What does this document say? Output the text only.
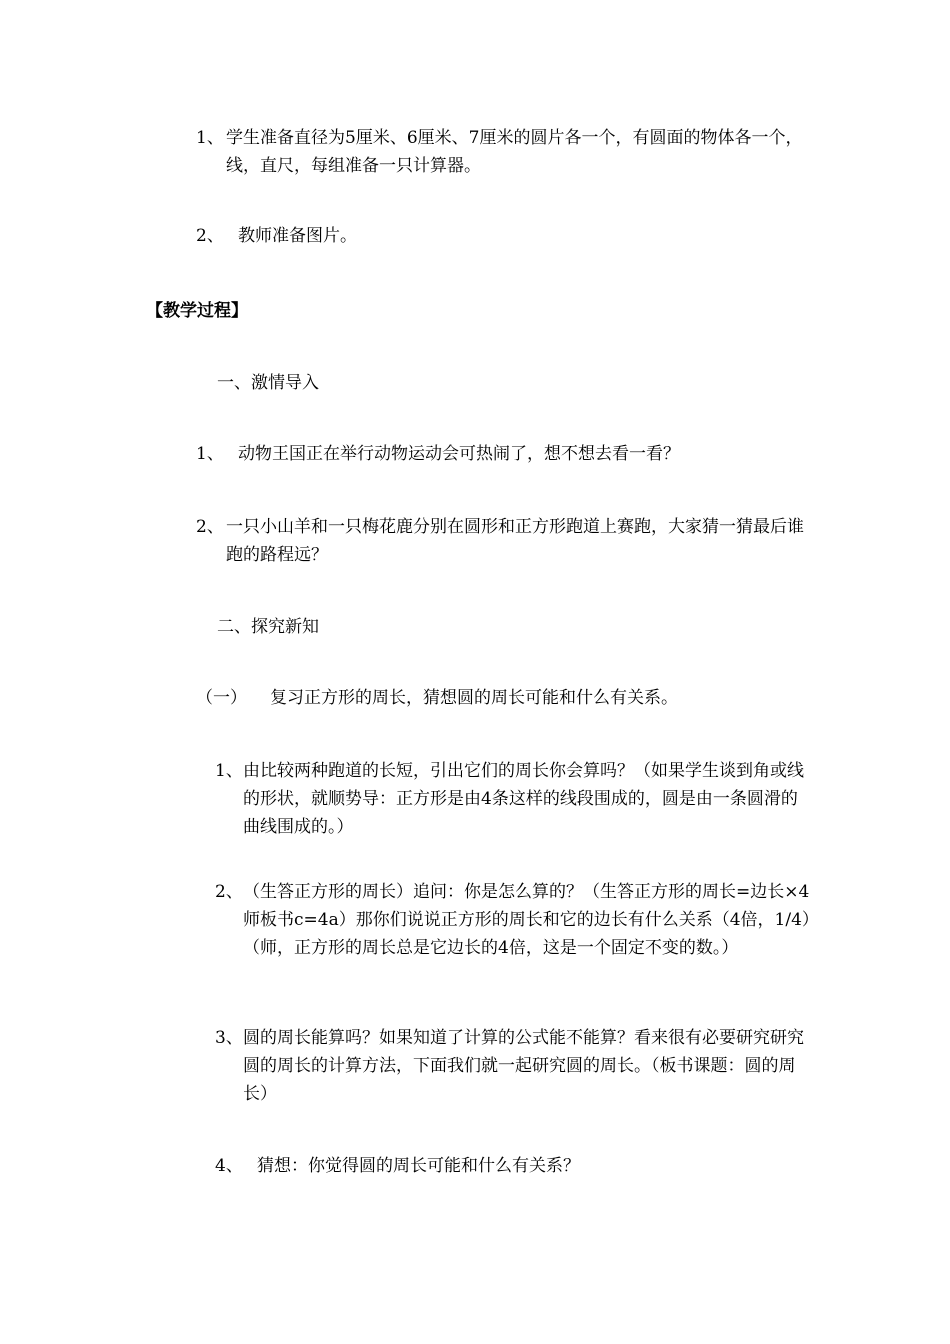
1、 学生准备直径为5厘米、6厘米、7厘米的圆片各一个，有圆面的物体各一个，线，直尺，每组准备一只计算器。
2、 教师准备图片。
【教学过程】
一、激情导入
1、 动物王国正在举行动物运动会可热闹了，想不想去看一看？
2、 一只小山羊和一只梅花鹿分别在圆形和正方形跑道上赛跑，大家猜一猜最后谁跑的路程远？
二、探究新知
（一） 复习正方形的周长，猜想圆的周长可能和什么有关系。
1、 由比较两种跑道的长短，引出它们的周长你会算吗？（如果学生谈到角或线的形状，就顺势导：正方形是由4条这样的线段围成的，圆是由一条圆滑的曲线围成的。）
2、 （生答正方形的周长）追问：你是怎么算的？（生答正方形的周长=边长×4师板书c=4a）那你们说说正方形的周长和它的边长有什么关系（4倍，1/4）（师，正方形的周长总是它边长的4倍，这是一个固定不变的数。）
3、 圆的周长能算吗？如果知道了计算的公式能不能算？看来很有必要研究研究圆的周长的计算方法，下面我们就一起研究圆的周长。（板书课题：圆的周长）
4、 猜想：你觉得圆的周长可能和什么有关系？
